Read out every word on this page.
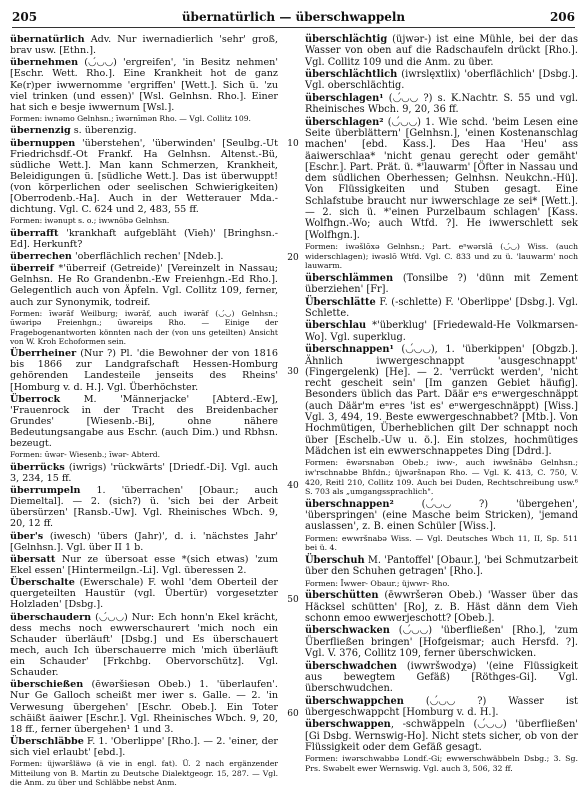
205	übernatürlich — überschwappeln	206

übernatürlich Adv. Nur iwernadierlich 'sehr' groß, brav usw. [Ethn.].

übernehmen (◡́◡◡) 'ergreifen', 'in Besitz nehmen' [Eschr. Wett. Rho.]. Eine Krankheit hot de ganz Ke(r)per iwwernomme 'ergriffen' [Wett.]. Sich ü. 'zu viel trinken (und essen)' [Wsl. Gelnhsn. Rho.]. Einer hat sich e besje iwwernum [Wsl.].

Formen: iwnəmo Gelnhsn.; īwərnīmən Rho. — Vgl. Collitz 109.

übernenzig s. überenzig.

übernuppen 'überstehen', 'überwinden' [Seulbg.-Ut Friedrichsdf.-Ot Frankf. Ha Gelnhsn. Altenst.-Bü, südliche Wett.]. Man kann Schmerzen, Krankheit, Beleidigungen ü. [südliche Wett.]. Das ist überwuppt! (von körperlichen oder seelischen Schwierigkeiten) [Oberrodenb.-Ha]. Auch in der Wetterauer Mda.-dichtung. Vgl. C. 624 und 2, 483, 55 ff.

Formen: iwənupt s. o.; iwwnōbə Gelnhsn.

überrafft 'krankhaft aufgebläht (Vieh)' [Bringhsn.-Ed]. Herkunft?

überrechen 'oberflächlich rechen' [Ndeb.].

überreif *'überreif (Getreide)' [Vereinzelt in Nassau; Gelnhsn. He Ro Grandenbn.-Ew Freienhgn.-Ed Rho.]. Gelegentlich auch von Äpfeln. Vgl. Collitz 109, ferner, auch zur Synonymik, todreif.

Formen: īwərāf Weilburg; iwərāf, auch iwərāf (◡́◡) Gelnhsn.; ūwəripə Freienhgn.; ūwəreips Rho. — Einige der Fragebogenantworten könnten nach der (von uns geteilten) Ansicht von W. Kroh Echoformen sein.

Überrheiner (Nur ?) Pl. 'die Bewohner der von 1816 bis 1866 zur Landgrafschaft Hessen-Homburg gehörenden Landesteile jenseits des Rheins' [Homburg v. d. H.]. Vgl. Überhöchster.

Überrock M. 'Männerjacke' [Abterd.-Ew], 'Frauenrock in der Tracht des Breidenbacher Grundes' [Wiesenb.-Bi], ohne nähere Bedeutungsangabe aus Eschr. (auch Dim.) und Rbhsn. bezeugt.

Formen: ūwər- Wiesenb.; īwər- Abterd.

überrücks (iwrigs) 'rückwärts' [Driedf.-Di]. Vgl. auch 3, 234, 15 ff.

überrumpeln 1. 'überrachen' [Obaur.; auch Diemeltal]. — 2. (sich?) ü. 'sich bei der Arbeit übersürzen' [Ransb.-Uw]. Vgl. Rheinisches Wbch. 9, 20, 12 ff.

über's (iwesch) 'übers (Jahr)', d. i. 'nächstes Jahr' [Gelnhsn.]. Vgl. über II 1 b.

übersatt Nur ze übersoat esse *(sich etwas) 'zum Ekel essen' [Hintermeilgn.-Li]. Vgl. überessen 2.

Überschalte (Ewerschale) F. wohl 'dem Oberteil der quergeteilten Haustür (vgl. Übertür) vorgesetzter Holzladen' [Dsbg.].

überschaudern (◡́◡◡) Nur: Ech honn'n Ekel krächt, dess mechs noch ewwerschaurert 'mich noch ein Schauder überläuft' [Dsbg.] und Es überschauert mech, auch Ich überschauerre mich 'mich überläuft ein Schauder' [Frkchbg. Obervorschütz]. Vgl. Schauder.

überschießen (ēwəršiesən Obeb.) 1. 'überlaufen'. Nur Ge Galloch scheißt mer iwer s. Galle. — 2. 'in Verwesung übergehen' [Eschr. Obeb.]. Ein Toter schäißt äaiwer [Eschr.]. Vgl. Rheinisches Wbch. 9, 20, 18 ff., ferner übergehen¹ 1 und 3.

Überschläbbe F. 1. 'Oberlippe' [Rho.]. — 2. 'einer, der sich viel erlaubt' [ebd.].

Formen: üjwəršläwə (ä vie in engl. fat). Ü. 2 nach ergänzender Mitteilung von B. Martin zu Deutsche Dialektgeogr. 15, 287. — Vgl. die Anm. zu über und Schläbbe nebst Anm.

10
20
30
40
50
60

überschlächtig (üjwər-) ist eine Mühle, bei der das Wasser von oben auf die Radschaufeln drückt [Rho.]. Vgl. Collitz 109 und die Anm. zu über.

überschlächtlich (iwrslęxtlix) 'oberflächlich' [Dsbg.]. Vgl. oberschlächtig.

überschlagen¹ (◡́◡◡ ?) s. K.Nachtr. S. 55 und vgl. Rheinisches Wbch. 9, 20, 36 ff.

überschlagen² (◡́◡◡) 1. Wie schd. 'beim Lesen eine Seite überblättern' [Gelnhsn.], 'einen Kostenanschlag machen' [ebd. Kass.]. Des Haa 'Heu' ass äaiwerschlaa* 'nicht genau gerecht oder gemäht' [Eschr.]. Part. Prät. ü. *'lauwarm' [Öfter in Nassau und dem südlichen Oberhessen; Gelnhsn. Neukchn.-Hü]. Von Flüssigkeiten und Stuben gesagt. Eine Schlafstube braucht nur iwwerschlage ze sei* [Wett.]. — 2. sich ü. *'einen Purzelbaum schlagen' [Kass. Wolfhgn.-Wo; auch Wtfd. ?]. He iwwerschlett sek [Wolfhgn.].

Formen: iwəšlōxə Gelnhsn.; Part. eⁿwərslā (◡́◡) Wiss. (auch widerschlagen); iwəslō Wtfd. Vgl. C. 833 und zu ü. 'lauwarm' noch lauwarm.

überschlämmen (Tonsilbe ?) 'dünn mit Zement überziehen' [Fr].

Überschlätte F. (-schlette) F. 'Oberlippe' [Dsbg.]. Vgl. Schlette.

überschlau *'überklug' [Friedewald-He Volkmarsen-Wo]. Vgl. superklug.

überschnappen¹ (◡́◡◡), 1. 'überkippen' [Obgzb.]. Ähnlich iwwergeschnappt 'ausgeschnappt' (Fingergelenk) [He]. — 2. 'verrückt werden', 'nicht recht gescheit sein' [Im ganzen Gebiet häufig]. Besonders üblich das Part. Däär eⁿs eⁿwergeschnäppt (auch Däär'm eⁿres 'ist es' eⁿwergeschnäppt) [Wiss.] Vgl. 3, 494, 19. Beste ewwergeschnabbet? [Mtb.]. Von Hochmütigen, Überheblichen gilt Der schnappt noch über [Eschelb.-Uw u. ö.]. Ein stolzes, hochmütiges Mädchen ist ein ewwerschnappetes Ding [Ddrd.].

Formen: ēwərsnabən Obeb.; iww-, auch iwwšnābə Gelnhsn.; iw'rschnabbe Bhfdn.; üjwəršnapən Rho. — Vgl. K. 413, C. 750, V. 420, Reitl 210, Collitz 109. Auch bei Duden, Rechtschreibung usw.⁶ S. 703 als „umgangssprachlich".

überschnappen² (◡́◡◡ ?) 'übergehen', 'überspringen' (eine Masche beim Stricken), 'jemand auslassen', z. B. einen Schüler [Wiss.].

Formen: ewwršnabə Wiss. — Vgl. Deutsches Wbch 11, II, Sp. 511 bei ü. 4.

Überschuh M. 'Pantoffel' [Obaur.], 'bei Schmutzarbeit über den Schuhen getragen' [Rho.].

Formen: Īwwer- Obaur.; üjwwr- Rho.

überschütten (ēwwršerən Obeb.) 'Wasser über das Häcksel schütten' [Ro], z. B. Häst dänn dem Vieh schonn emoo ewwerjeschott? [Obeb.].

überschwacken (◡́◡◡) 'überfließen' [Rho.], 'zum Überfließen bringen' [Hofgeismar; auch Hersfd. ?]. Vgl. V. 376, Collitz 109, ferner überschwicken.

überschwadchen (iwwršwodχə) '(eine Flüssigkeit aus bewegtem Gefäß) [Röthges-Gi]. Vgl. überschwudchen.

überschwappchen (◡́◡◡ ?) Wasser ist übergeschwappcht [Homburg v. d. H.].

überschwappen, -schwäppeln (◡́◡◡) 'überfließen' [Gi Dsbg. Wernswig-Ho]. Nicht stets sicher, ob von der Flüssigkeit oder dem Gefäß gesagt.

Formen: iwərschwabbə Londf.-Gi; ewwerschwäbbeln Dsbg.; 3. Sg. Prs. Swəbelt ewer Wernswig. Vgl. auch 3, 506, 32 ff.
